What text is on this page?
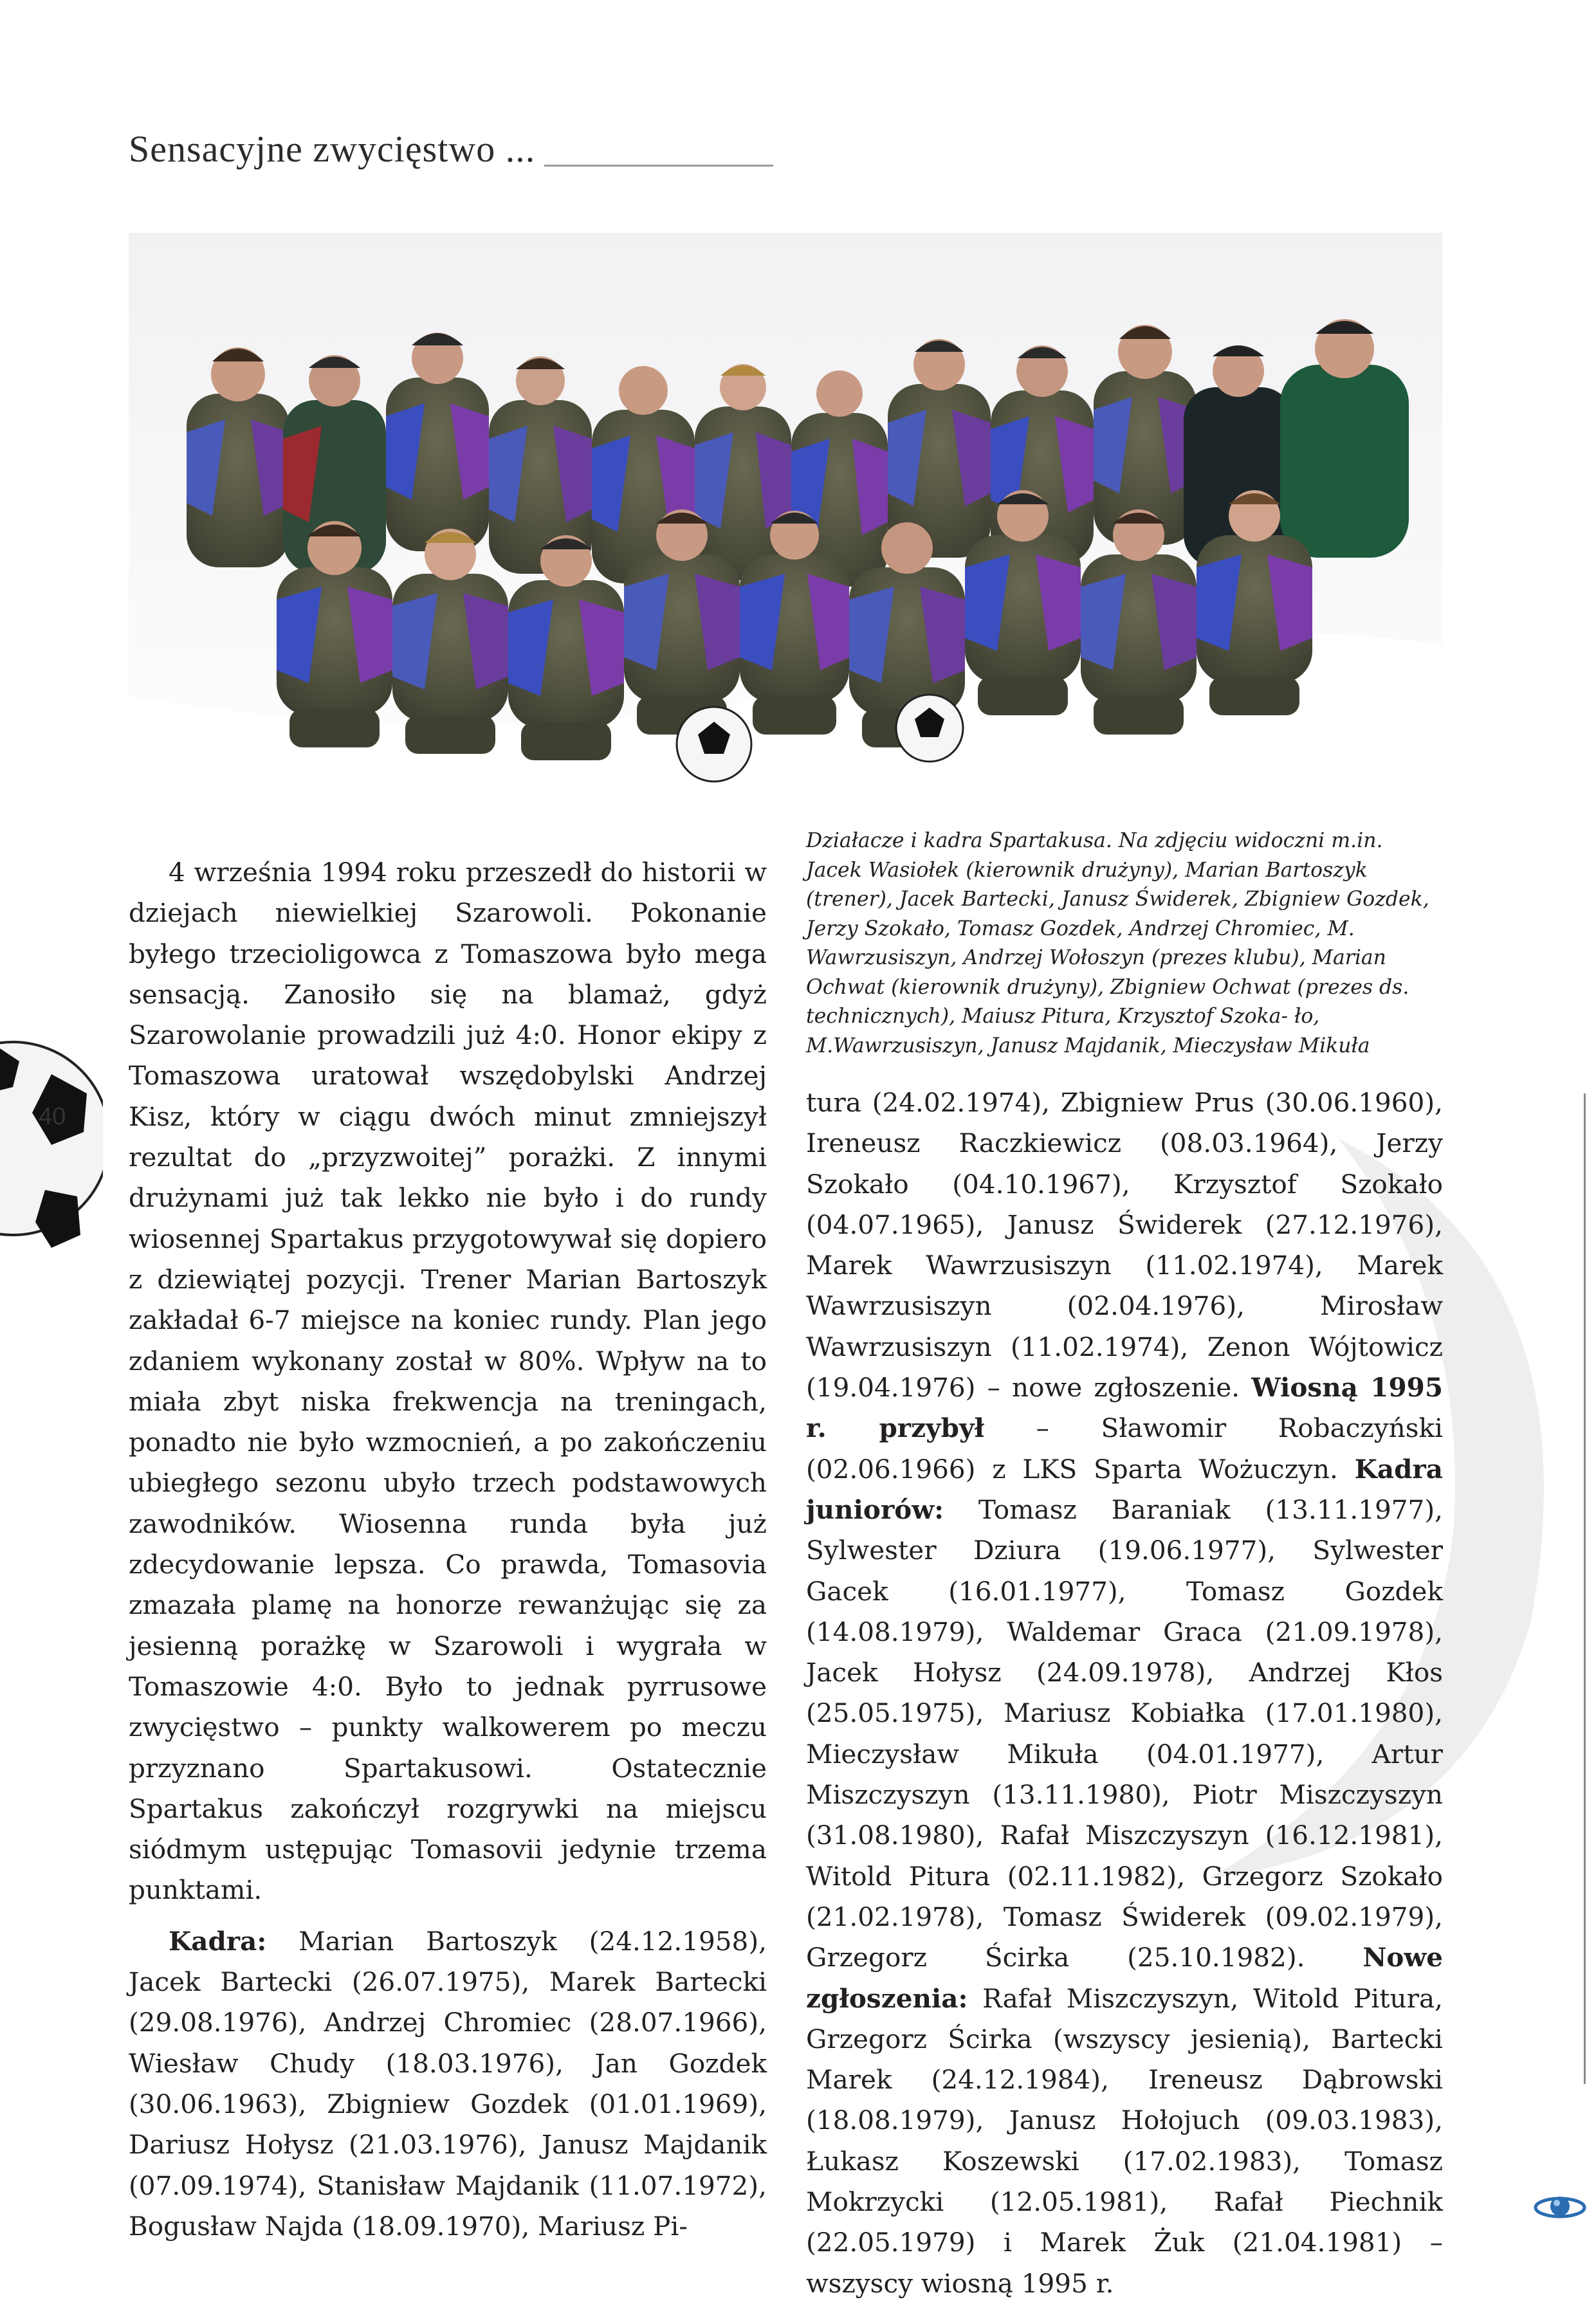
Sensacyjne zwycięstwo ...
40
Działacze i kadra Spartakusa. Na zdjęciu widoczni m.in. Jacek Wasiołek (kierownik drużyny), Marian Bartoszyk (trener), Jacek Bartecki, Janusz Świderek, Zbigniew Gozdek, Jerzy Szokało, Tomasz Gozdek, Andrzej Chromiec, M. Wawrzusiszyn, Andrzej Wołoszyn (prezes klubu), Marian Ochwat (kierownik drużyny), Zbigniew Ochwat (prezes ds. technicznych), Maiusz Pitura, Krzysztof Szoka- ło, M.Wawrzusiszyn, Janusz Majdanik, Mieczysław Mikuła

4 września 1994 roku przeszedł do historii w dziejach niewielkiej Szarowoli. Pokonanie byłego trzecioligowca z Tomaszowa było mega sensacją. Zanosiło się na blamaż, gdyż Szarowolanie prowadzili już 4:0. Honor ekipy z Tomaszowa uratował wszędobylski Andrzej Kisz, który w ciągu dwóch minut zmniejszył rezultat do „przyzwoitej” porażki. Z innymi drużynami już tak lekko nie było i do rundy wiosennej Spartakus przygotowywał się dopiero z dziewiątej pozycji. Trener Marian Bartoszyk zakładał 6-7 miejsce na koniec rundy. Plan jego zdaniem wykonany został w 80%. Wpływ na to miała zbyt niska frekwencja na treningach, ponadto nie było wzmocnień, a po zakończeniu ubiegłego sezonu ubyło trzech podstawowych zawodników. Wiosenna runda była już zdecydowanie lepsza. Co prawda, Tomasovia zmazała plamę na honorze rewanżując się za jesienną porażkę w Szarowoli i wygrała w Tomaszowie 4:0. Było to jednak pyrrusowe zwycięstwo – punkty walkowerem po meczu przyznano Spartakusowi. Ostatecznie Spartakus zakończył rozgrywki na miejscu siódmym ustępując Tomasovii jedynie trzema punktami.

Kadra: Marian Bartoszyk (24.12.1958), Jacek Bartecki (26.07.1975), Marek Bartecki (29.08.1976), Andrzej Chromiec (28.07.1966), Wiesław Chudy (18.03.1976), Jan Gozdek (30.06.1963), Zbigniew Gozdek (01.01.1969), Dariusz Hołysz (21.03.1976), Janusz Majdanik (07.09.1974), Stanisław Majdanik (11.07.1972), Bogusław Najda (18.09.1970), Mariusz Pi-

tura (24.02.1974), Zbigniew Prus (30.06.1960), Ireneusz Raczkiewicz (08.03.1964), Jerzy Szokało (04.10.1967), Krzysztof Szokało (04.07.1965), Janusz Świderek (27.12.1976), Marek Wawrzusiszyn (11.02.1974), Marek Wawrzusiszyn (02.04.1976), Mirosław Wawrzusiszyn (11.02.1974), Zenon Wójtowicz (19.04.1976) – nowe zgłoszenie. Wiosną 1995 r. przybył – Sławomir Robaczyński (02.06.1966) z LKS Sparta Wożuczyn. Kadra juniorów: Tomasz Baraniak (13.11.1977), Sylwester Dziura (19.06.1977), Sylwester Gacek (16.01.1977), Tomasz Gozdek (14.08.1979), Waldemar Graca (21.09.1978), Jacek Hołysz (24.09.1978), Andrzej Kłos (25.05.1975), Mariusz Kobiałka (17.01.1980), Mieczysław Mikuła (04.01.1977), Artur Miszczyszyn (13.11.1980), Piotr Miszczyszyn (31.08.1980), Rafał Miszczyszyn (16.12.1981), Witold Pitura (02.11.1982), Grzegorz Szokało (21.02.1978), Tomasz Świderek (09.02.1979), Grzegorz Ścirka (25.10.1982). Nowe zgłoszenia: Rafał Miszczyszyn, Witold Pitura, Grzegorz Ścirka (wszyscy jesienią), Bartecki Marek (24.12.1984), Ireneusz Dąbrowski (18.08.1979), Janusz Hołojuch (09.03.1983), Łukasz Koszewski (17.02.1983), Tomasz Mokrzycki (12.05.1981), Rafał Piechnik (22.05.1979) i Marek Żuk (21.04.1981) – wszyscy wiosną 1995 r.
